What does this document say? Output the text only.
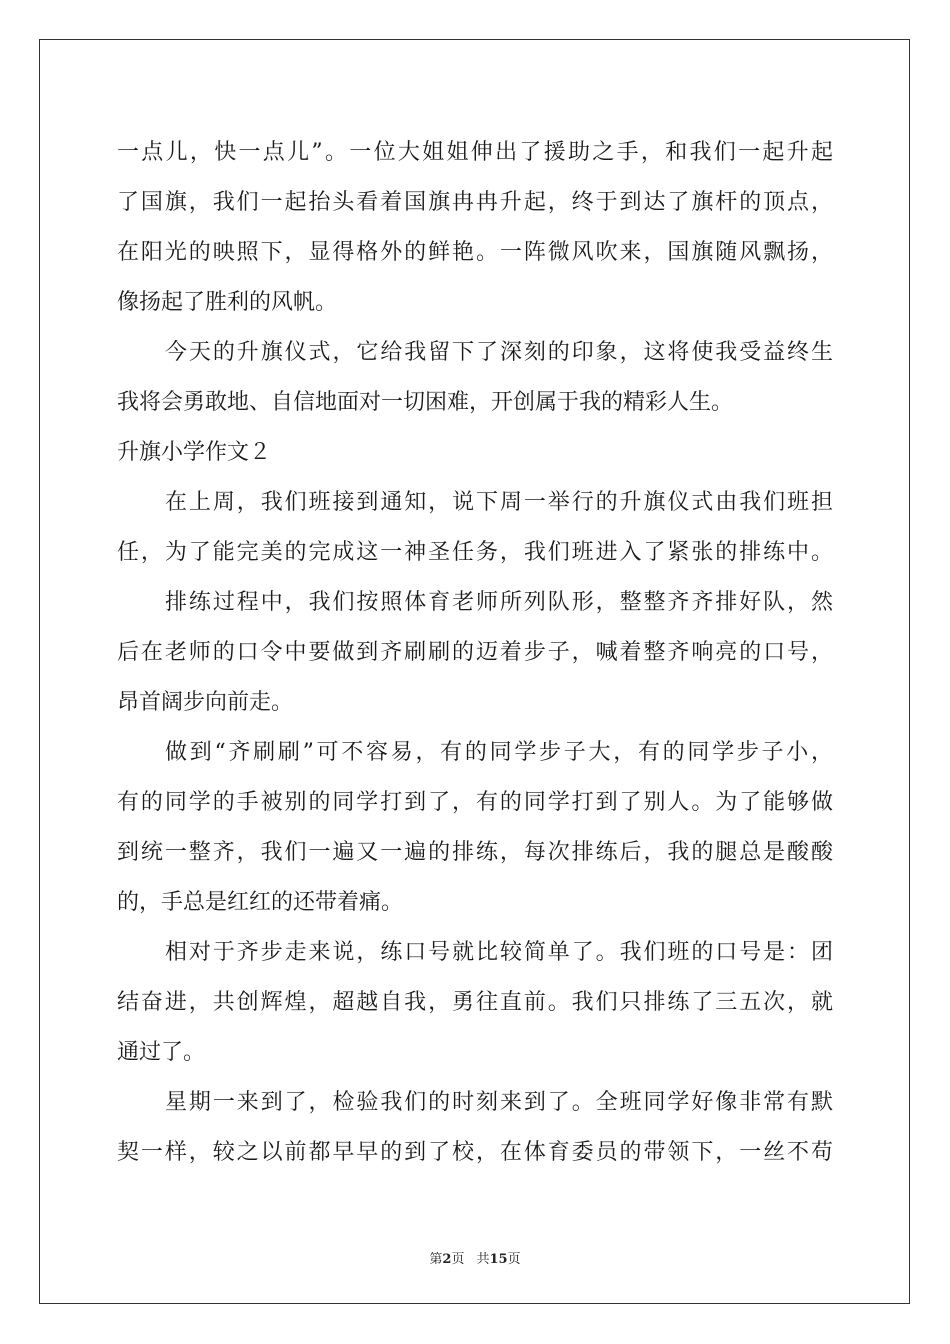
一点儿，快一点儿”。一位大姐姐伸出了援助之手，和我们一起升起
了国旗，我们一起抬头看着国旗冉冉升起，终于到达了旗杆的顶点，
在阳光的映照下，显得格外的鲜艳。一阵微风吹来，国旗随风飘扬，
像扬起了胜利的风帆。
今天的升旗仪式，它给我留下了深刻的印象，这将使我受益终生
我将会勇敢地、自信地面对一切困难，开创属于我的精彩人生。
升旗小学作文２
在上周，我们班接到通知，说下周一举行的升旗仪式由我们班担
任，为了能完美的完成这一神圣任务，我们班进入了紧张的排练中。
排练过程中，我们按照体育老师所列队形，整整齐齐排好队，然
后在老师的口令中要做到齐刷刷的迈着步子，喊着整齐响亮的口号，
昂首阔步向前走。
做到“齐刷刷”可不容易，有的同学步子大，有的同学步子小，
有的同学的手被别的同学打到了，有的同学打到了别人。为了能够做
到统一整齐，我们一遍又一遍的排练，每次排练后，我的腿总是酸酸
的，手总是红红的还带着痛。
相对于齐步走来说，练口号就比较简单了。我们班的口号是：团
结奋进，共创辉煌，超越自我，勇往直前。我们只排练了三五次，就
通过了。
星期一来到了，检验我们的时刻来到了。全班同学好像非常有默
契一样，较之以前都早早的到了校，在体育委员的带领下，一丝不苟
第2页 共15页
